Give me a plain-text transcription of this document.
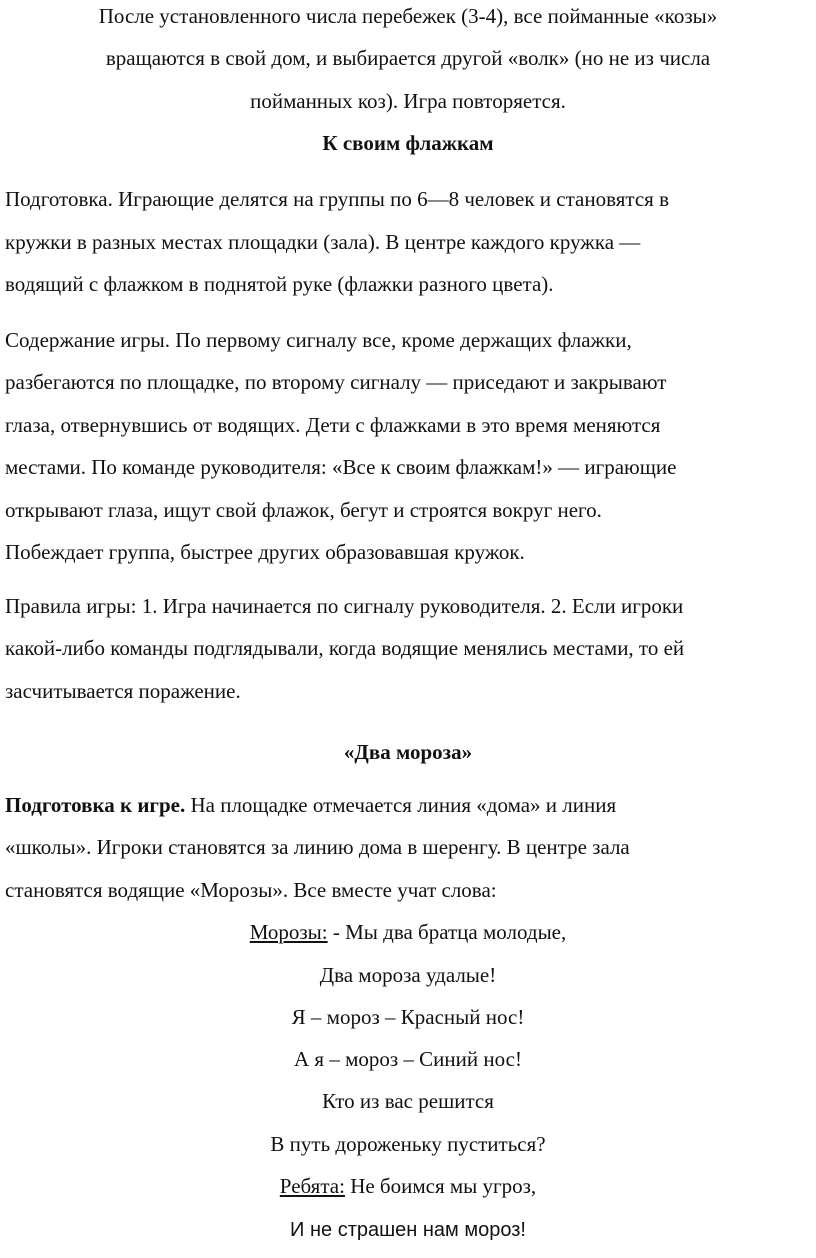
После установленного числа перебежек (3-4), все пойманные «козы»
вращаются в свой дом, и выбирается другой «волк» (но не из числа
пойманных коз). Игра повторяется.
К своим флажкам
Подготовка. Играющие делятся на группы по 6—8 человек и становятся в
кружки в разных местах площадки (зала). В центре каждого кружка —
водящий с флажком в поднятой руке (флажки разного цвета).
Содержание игры. По первому сигналу все, кроме держащих флажки,
разбегаются по площадке, по второму сигналу — приседают и закрывают
глаза, отвернувшись от водящих. Дети с флажками в это время меняются
местами. По команде руководителя: «Все к своим флажкам!» — играющие
открывают глаза, ищут свой флажок, бегут и строятся вокруг него.
Побеждает группа, быстрее других образовавшая кружок.
Правила игры: 1. Игра начинается по сигналу руководителя. 2. Если игроки
какой-либо команды подглядывали, когда водящие менялись местами, то ей
засчитывается поражение.
«Два мороза»
Подготовка к игре. На площадке отмечается линия «дома» и линия
«школы». Игроки становятся за линию дома в шеренгу. В центре зала
становятся водящие «Морозы». Все вместе учат слова:
Морозы: - Мы два братца молодые,
Два мороза удалые!
Я – мороз – Красный нос!
А я – мороз – Синий нос!
Кто из вас решится
В путь дороженьку пуститься?
Ребята: Не боимся мы угроз,
И не страшен нам мороз!
